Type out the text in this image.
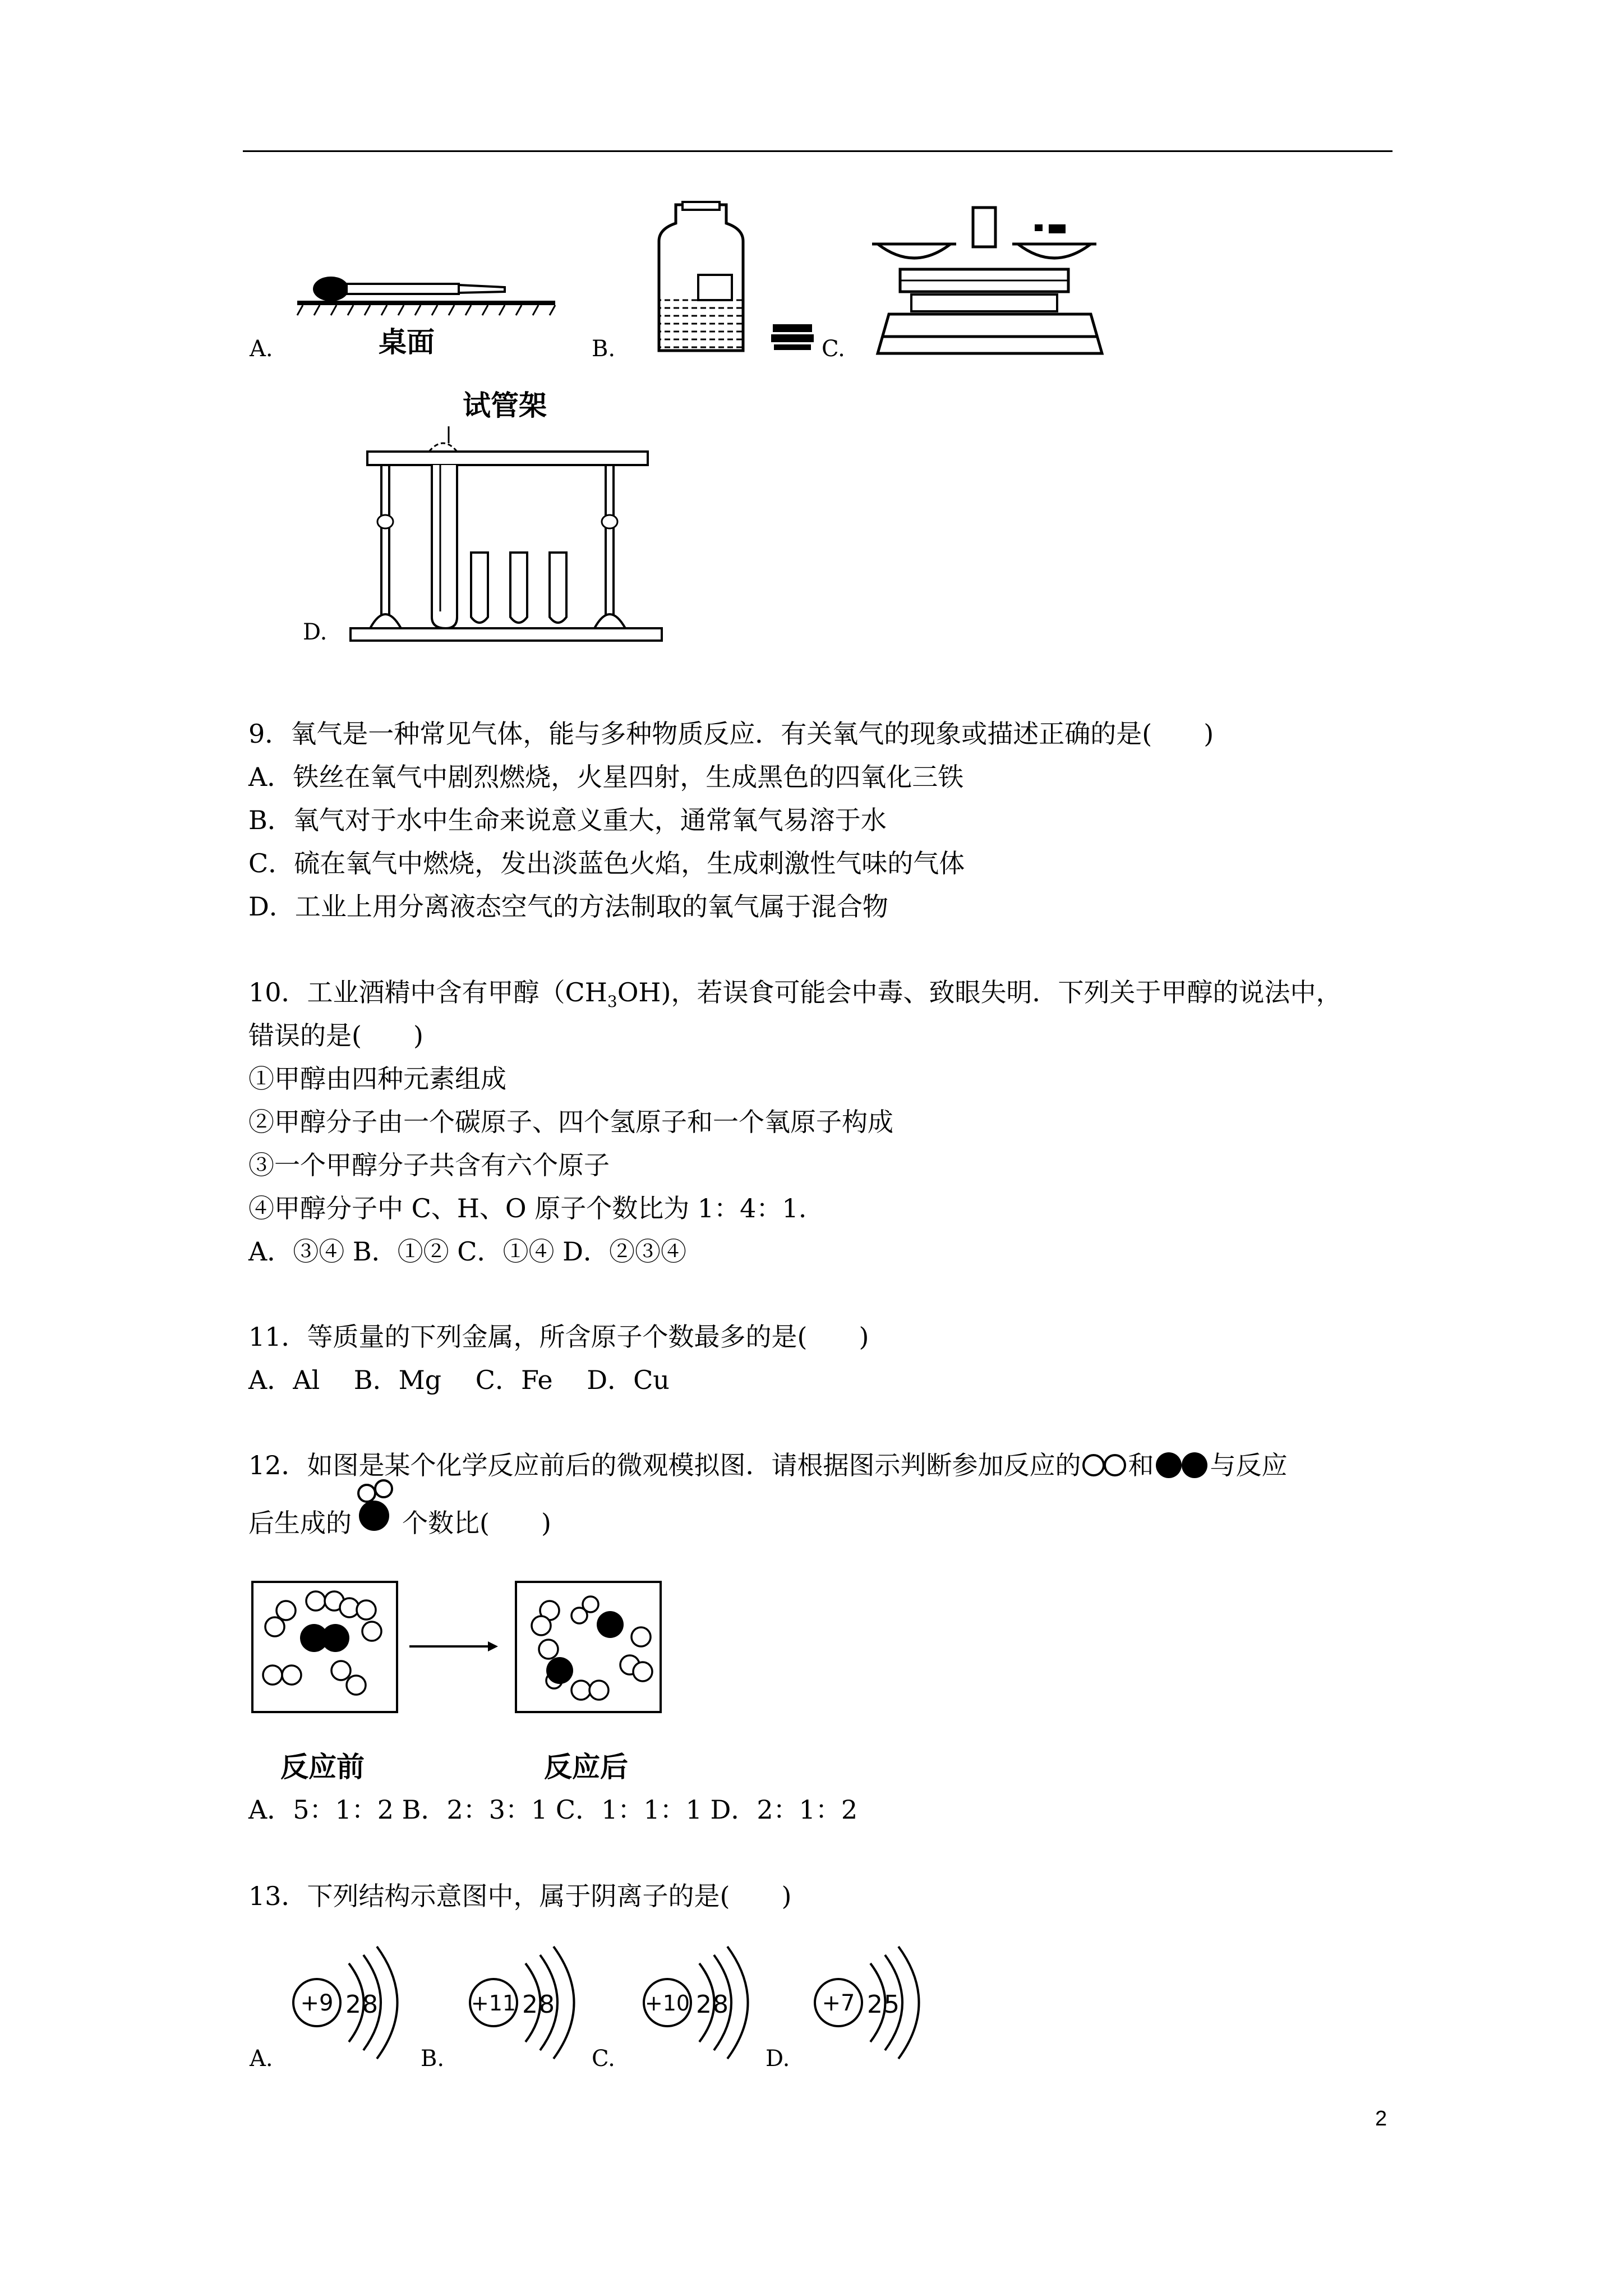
A.	桌面	B.	C.
试管架
D.
9．氧气是一种常见气体，能与多种物质反应．有关氧气的现象或描述正确的是(　　)
A．铁丝在氧气中剧烈燃烧，火星四射，生成黑色的四氧化三铁
B．氧气对于水中生命来说意义重大，通常氧气易溶于水
C．硫在氧气中燃烧，发出淡蓝色火焰，生成刺激性气味的气体
D．工业上用分离液态空气的方法制取的氧气属于混合物
10．工业酒精中含有甲醇$(CH_3OH)$，若误食可能会中毒、致眼失明．下列关于甲醇的说法中，
错误的是(　　)
①甲醇由四种元素组成
②甲醇分子由一个碳原子、四个氢原子和一个氧原子构成
③一个甲醇分子共含有六个原子
④甲醇分子中 C、H、O 原子个数比为 1：4：1.
A．③④ B．①② C．①④ D．②③④
11．等质量的下列金属，所含原子个数最多的是(　　)
A．Al　 B．Mg　 C．Fe　 D．Cu
12．如图是某个化学反应前后的微观模拟图．请根据图示判断参加反应的 和 与反应
后生成的 个数比(　　)
反应前	反应后
A．5：1：2 B．2：3：1 C．1：1：1 D．2：1：2
13．下列结构示意图中，属于阴离子的是(　　)
A.
+9 2 8
B.
+11 2 8
C.
+10 2 8
D.
+7 2 5
2
